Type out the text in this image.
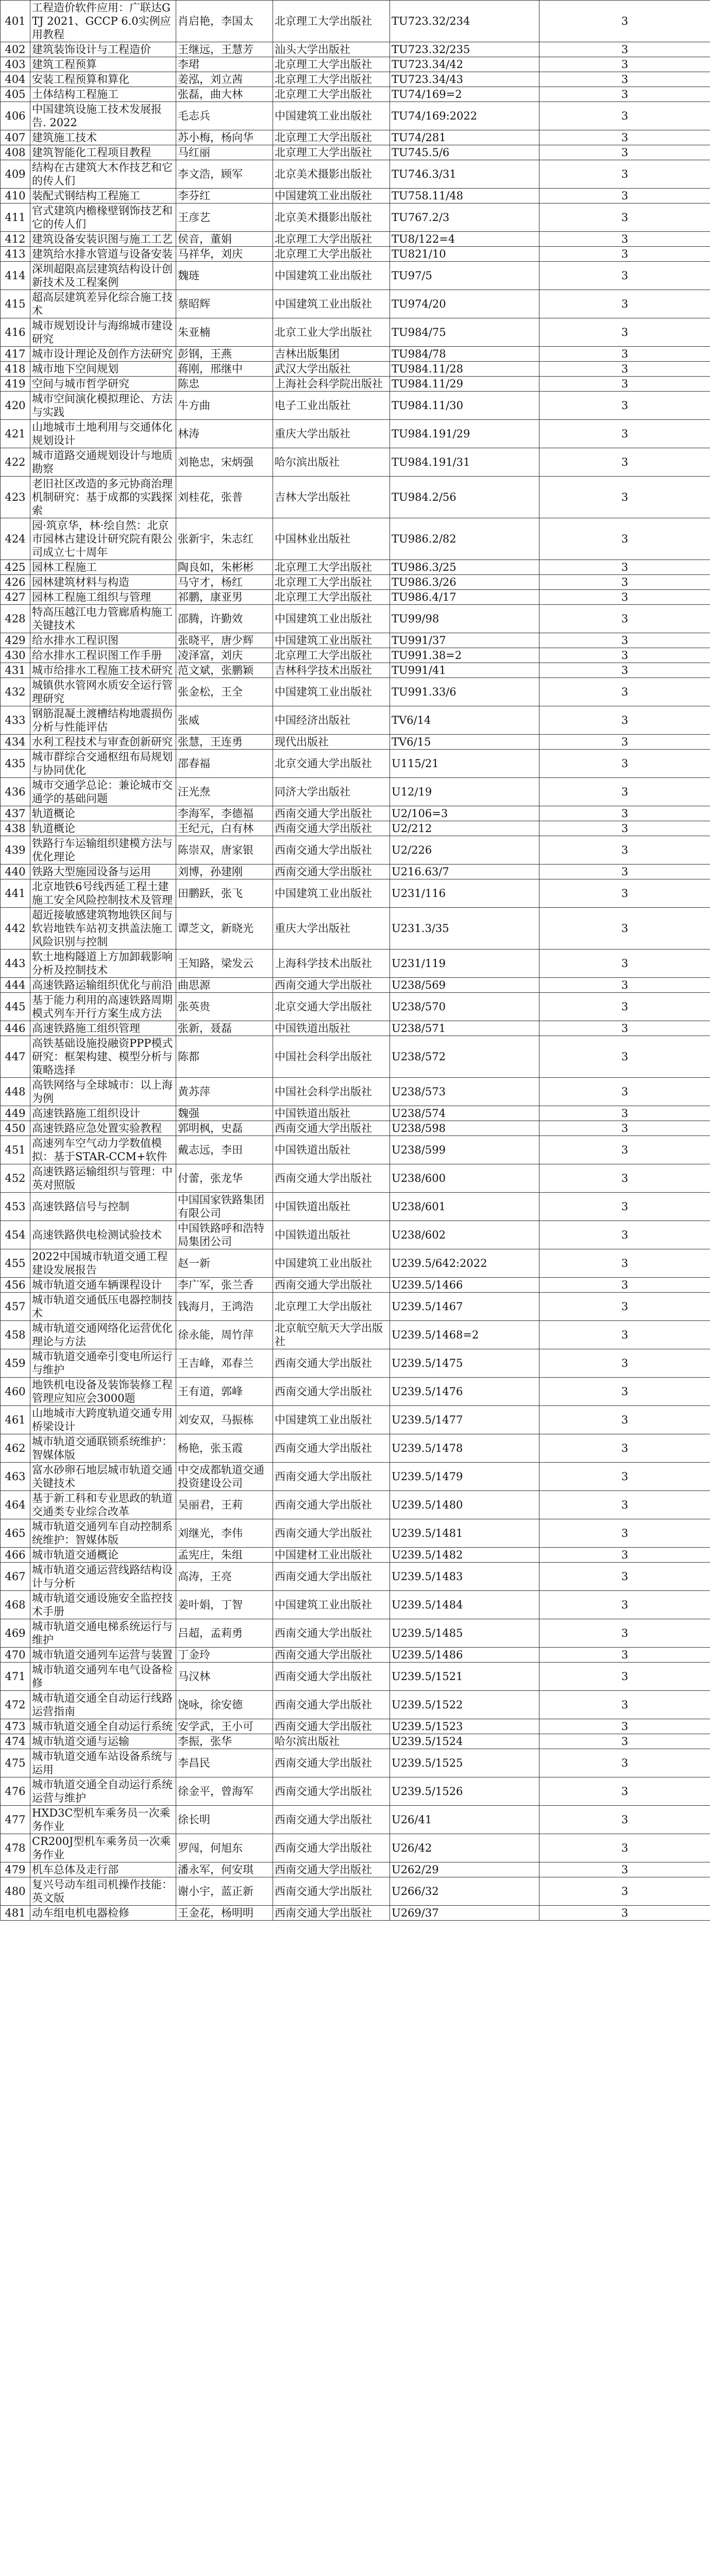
401	工程造价软件应用：广联达GTJ 2021、GCCP 6.0实例应用教程	肖启艳，李国太	北京理工大学出版社	TU723.32/234	3
402	建筑装饰设计与工程造价	王继远，王慧芳	汕头大学出版社	TU723.32/235	3
403	建筑工程预算	李珺	北京理工大学出版社	TU723.34/42	3
404	安装工程预算和算化	姜泓，刘立茜	北京理工大学出版社	TU723.34/43	3
405	土体结构工程施工	张磊，曲大林	北京理工大学出版社	TU74/169=2	3
406	中国建筑设施工技术发展报告. 2022	毛志兵	中国建筑工业出版社	TU74/169:2022	3
407	建筑施工技术	苏小梅，杨向华	北京理工大学出版社	TU74/281	3
408	建筑智能化工程项目教程	马红丽	北京理工大学出版社	TU745.5/6	3
409	结构在古建筑大木作技艺和它的传人们	李文浩，顾军	北京美术摄影出版社	TU746.3/31	3
410	装配式钢结构工程施工	李芬红	中国建筑工业出版社	TU758.11/48	3
411	官式建筑内檐椽壁钢饰技艺和它的传人们	王彦艺	北京美术摄影出版社	TU767.2/3	3
412	建筑设备安装识图与施工工艺	侯音，董娟	北京理工大学出版社	TU8/122=4	3
413	建筑给水排水管道与设备安装	马祥华，刘庆	北京理工大学出版社	TU821/10	3
414	深圳超限高层建筑结构设计创新技术及工程案例	魏琏	中国建筑工业出版社	TU97/5	3
415	超高层建筑差异化综合施工技术	蔡昭辉	中国建筑工业出版社	TU974/20	3
416	城市规划设计与海绵城市建设研究	朱亚楠	北京工业大学出版社	TU984/75	3
417	城市设计理论及创作方法研究	彭钢，王燕	吉林出版集团	TU984/78	3
418	城市地下空间规划	蒋刚，邢继中	武汉大学出版社	TU984.11/28	3
419	空间与城市哲学研究	陈忠	上海社会科学院出版社	TU984.11/29	3
420	城市空间演化模拟理论、方法与实践	牛方曲	电子工业出版社	TU984.11/30	3
421	山地城市土地利用与交通体化规划设计	林涛	重庆大学出版社	TU984.191/29	3
422	城市道路交通规划设计与地质勘察	刘艳忠，宋炳强	哈尔滨出版社	TU984.191/31	3
423	老旧社区改造的多元协商治理机制研究：基于成都的实践探索	刘桂花，张普	吉林大学出版社	TU984.2/56	3
424	园·筑京华，林·绘自然：北京市园林古建设计研究院有限公司成立七十周年	张新宇，朱志红	中国林业出版社	TU986.2/82	3
425	园林工程施工	陶良如，朱彬彬	北京理工大学出版社	TU986.3/25	3
426	园林建筑材料与构造	马守才，杨红	北京理工大学出版社	TU986.3/26	3
427	园林工程施工组织与管理	祁鹏，康亚男	北京理工大学出版社	TU986.4/17	3
428	特高压越江电力管廊盾构施工关键技术	邵腾，许勤效	中国建筑工业出版社	TU99/98	3
429	给水排水工程识图	张晓平，唐少辉	中国建筑工业出版社	TU991/37	3
430	给水排水工程识图工作手册	凌泽富，刘庆	北京理工大学出版社	TU991.38=2	3
431	城市给排水工程施工技术研究	范文斌，张鹏颖	吉林科学技术出版社	TU991/41	3
432	城镇供水管网水质安全运行管理研究	张金松，王全	中国建筑工业出版社	TU991.33/6	3
433	钢筋混凝土渡槽结构地震损伤分析与性能评估	张威	中国经济出版社	TV6/14	3
434	水利工程技术与审查创新研究	张慧，王连勇	现代出版社	TV6/15	3
435	城市群综合交通枢纽布局规划与协同优化	邵春福	北京交通大学出版社	U115/21	3
436	城市交通学总论：兼论城市交通学的基础问题	汪光焘	同济大学出版社	U12/19	3
437	轨道概论	李海军，李德福	西南交通大学出版社	U2/106=3	3
438	轨道概论	王纪元，白有林	西南交通大学出版社	U2/212	3
439	铁路行车运输组织建模方法与优化理论	陈崇双，唐家银	西南交通大学出版社	U2/226	3
440	铁路大型施园设备与运用	刘博，孙建刚	西南交通大学出版社	U216.63/7	3
441	北京地铁6号线西延工程土建施工安全风险控制技术及管理	田鹏跃，张飞	中国建筑工业出版社	U231/116	3
442	超近接敏感建筑物地铁区间与软岩地铁车站初支拱盖法施工风险识别与控制	谭芝文，新晓光	重庆大学出版社	U231.3/35	3
443	软土地构隧道上方加卸载影响分析及控制技术	王知路，梁发云	上海科学技术出版社	U231/119	3
444	高速铁路运输组织优化与前沿	曲思源	西南交通大学出版社	U238/569	3
445	基于能力利用的高速铁路周期模式列车开行方案生成方法	张英贵	北京交通大学出版社	U238/570	3
446	高速铁路施工组织管理	张新，聂磊	中国铁道出版社	U238/571	3
447	高铁基础设施投融资PPP模式研究：框架构建、模型分析与策略选择	陈都	中国社会科学出版社	U238/572	3
448	高铁网络与全球城市：以上海为例	黄苏萍	中国社会科学出版社	U238/573	3
449	高速铁路施工组织设计	魏强	中国铁道出版社	U238/574	3
450	高速铁路应急处置实验教程	郭明枫，史磊	西南交通大学出版社	U238/598	3
451	高速列车空气动力学数值模拟：基于STAR-CCM+软件	戴志远，李田	中国铁道出版社	U238/599	3
452	高速铁路运输组织与管理：中英对照版	付蕾，张龙华	西南交通大学出版社	U238/600	3
453	高速铁路信号与控制	中国国家铁路集团有限公司	中国铁道出版社	U238/601	3
454	高速铁路供电检测试验技术	中国铁路呼和浩特局集团公司	中国铁道出版社	U238/602	3
455	2022中国城市轨道交通工程建设发展报告	赵一新	中国建筑工业出版社	U239.5/642:2022	3
456	城市轨道交通车辆课程设计	李广军，张兰香	西南交通大学出版社	U239.5/1466	3
457	城市轨道交通低压电器控制技术	钱海月，王鸿浩	北京理工大学出版社	U239.5/1467	3
458	城市轨道交通网络化运营优化理论与方法	徐永能，周竹萍	北京航空航天大学出版社	U239.5/1468=2	3
459	城市轨道交通牵引变电所运行与维护	王吉峰，邓春兰	西南交通大学出版社	U239.5/1475	3
460	地铁机电设备及装饰装修工程管理应知应会3000题	王有道，郭峰	西南交通大学出版社	U239.5/1476	3
461	山地城市大跨度轨道交通专用桥梁设计	刘安双，马振栋	中国建筑工业出版社	U239.5/1477	3
462	城市轨道交通联锁系统维护：智媒体版	杨艳，张玉霞	西南交通大学出版社	U239.5/1478	3
463	富水砂卵石地层城市轨道交通关键技术	中交成都轨道交通投资建设公司	西南交通大学出版社	U239.5/1479	3
464	基于新工科和专业思政的轨道交通类专业综合改革	吴丽君，王莉	西南交通大学出版社	U239.5/1480	3
465	城市轨道交通列车自动控制系统维护：智媒体版	刘继光，李伟	西南交通大学出版社	U239.5/1481	3
466	城市轨道交通概论	孟宪庄，朱组	中国建材工业出版社	U239.5/1482	3
467	城市轨道交通运营线路结构设计与分析	高涛，王亮	西南交通大学出版社	U239.5/1483	3
468	城市轨道交通设施安全监控技术手册	姜叶娟，丁智	中国建筑工业出版社	U239.5/1484	3
469	城市轨道交通电梯系统运行与维护	吕超，孟莉勇	西南交通大学出版社	U239.5/1485	3
470	城市轨道交通列车运营与装置	丁金玲	西南交通大学出版社	U239.5/1486	3
471	城市轨道交通列车电气设备检修	马汉林	西南交通大学出版社	U239.5/1521	3
472	城市轨道交通全自动运行线路运营指南	饶咏，徐安德	西南交通大学出版社	U239.5/1522	3
473	城市轨道交通全自动运行系统	安学武，王小可	西南交通大学出版社	U239.5/1523	3
474	城市轨道交通与运输	李振，张华	哈尔滨出版社	U239.5/1524	3
475	城市轨道交通车站设备系统与运用	李昌民	西南交通大学出版社	U239.5/1525	3
476	城市轨道交通全自动运行系统运营与维护	徐金平，曾海军	西南交通大学出版社	U239.5/1526	3
477	HXD3C型机车乘务员一次乘务作业	徐长明	西南交通大学出版社	U26/41	3
478	CR200J型机车乘务员一次乘务作业	罗闯，何旭东	西南交通大学出版社	U26/42	3
479	机车总体及走行部	潘永军，何安琪	西南交通大学出版社	U262/29	3
480	复兴号动车组司机操作技能：英文版	谢小宇，蓝正新	西南交通大学出版社	U266/32	3
481	动车组电机电器检修	王金花，杨明明	西南交通大学出版社	U269/37	3
